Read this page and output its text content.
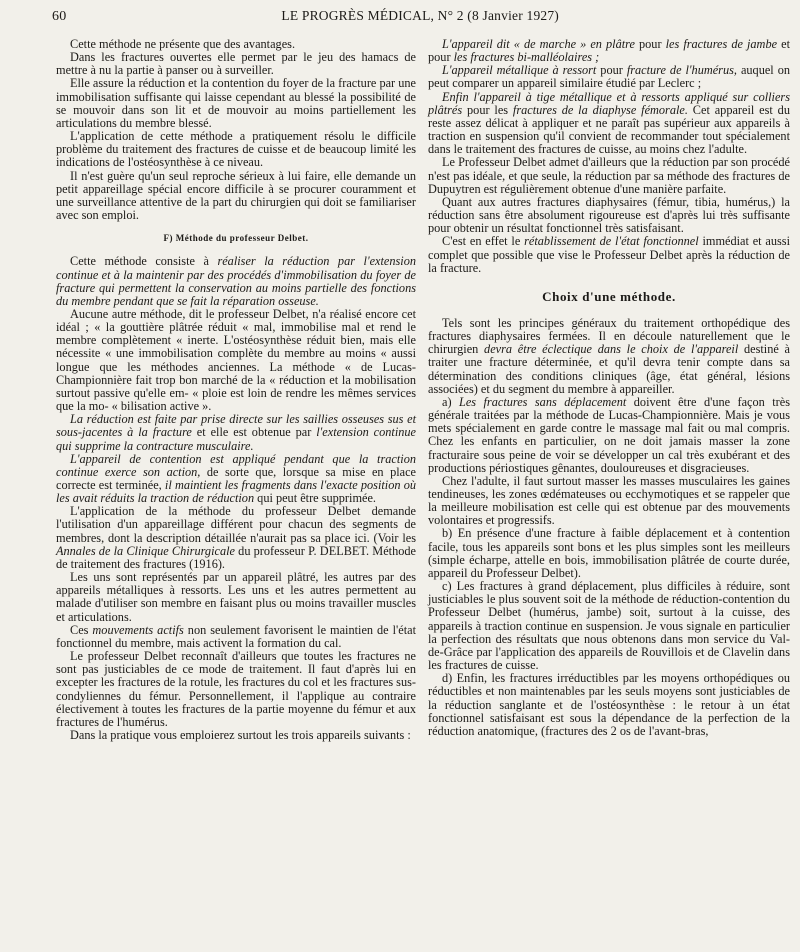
60	LE PROGRÈS MÉDICAL, N° 2 (8 Janvier 1927)

Cette méthode ne présente que des avantages.

Dans les fractures ouvertes elle permet par le jeu des hamacs de mettre à nu la partie à panser ou à surveiller.

Elle assure la réduction et la contention du foyer de la fracture par une immobilisation suffisante qui laisse cependant au blessé la possibilité de se mouvoir dans son lit et de mouvoir au moins partiellement les articulations du membre blessé.

L'application de cette méthode a pratiquement résolu le difficile problème du traitement des fractures de cuisse et de beaucoup limité les indications de l'ostéosynthèse à ce niveau.

Il n'est guère qu'un seul reproche sérieux à lui faire, elle demande un petit appareillage spécial encore difficile à se procurer couramment et une surveillance attentive de la part du chirurgien qui doit se familiariser avec son emploi.

F) Méthode du professeur Delbet.

Cette méthode consiste à réaliser la réduction par l'extension continue et à la maintenir par des procédés d'immobilisation du foyer de fracture qui permettent la conservation au moins partielle des fonctions du membre pendant que se fait la réparation osseuse.

Aucune autre méthode, dit le professeur Delbet, n'a réalisé encore cet idéal ; « la gouttière plâtrée réduit « mal, immobilise mal et rend le membre complètement « inerte. L'ostéosynthèse réduit bien, mais elle nécessite « une immobilisation complète du membre au moins « aussi longue que les méthodes anciennes. La méthode « de Lucas-Championnière fait trop bon marché de la « réduction et la mobilisation surtout passive qu'elle em- « ploie est loin de rendre les mêmes services que la mo- « bilisation active ».

La réduction est faite par prise directe sur les saillies osseuses sus et sous-jacentes à la fracture et elle est obtenue par l'extension continue qui supprime la contracture musculaire.

L'appareil de contention est appliqué pendant que la traction continue exerce son action, de sorte que, lorsque sa mise en place correcte est terminée, il maintient les fragments dans l'exacte position où les avait réduits la traction de réduction qui peut être supprimée.

L'application de la méthode du professeur Delbet demande l'utilisation d'un appareillage différent pour chacun des segments de membres, dont la description détaillée n'aurait pas sa place ici. (Voir les Annales de la Clinique Chirurgicale du professeur P. DELBET. Méthode de traitement des fractures (1916).

Les uns sont représentés par un appareil plâtré, les autres par des appareils métalliques à ressorts. Les uns et les autres permettent au malade d'utiliser son membre en faisant plus ou moins travailler muscles et articulations.

Ces mouvements actifs non seulement favorisent le maintien de l'état fonctionnel du membre, mais activent la formation du cal.

Le professeur Delbet reconnaît d'ailleurs que toutes les fractures ne sont pas justiciables de ce mode de traitement. Il faut d'après lui en excepter les fractures de la rotule, les fractures du col et les fractures sus-condyliennes du fémur. Personnellement, il l'applique au contraire électivement à toutes les fractures de la partie moyenne du fémur et aux fractures de l'humérus.

Dans la pratique vous emploierez surtout les trois appareils suivants :

L'appareil dit « de marche » en plâtre pour les fractures de jambe et pour les fractures bi-malléolaires ;

L'appareil métallique à ressort pour fracture de l'humérus, auquel on peut comparer un appareil similaire étudié par Leclerc ;

Enfin l'appareil à tige métallique et à ressorts appliqué sur colliers plâtrés pour les fractures de la diaphyse fémorale. Cet appareil est du reste assez délicat à appliquer et ne paraît pas supérieur aux appareils à traction en suspension qu'il convient de recommander tout spécialement dans le traitement des fractures de cuisse, au moins chez l'adulte.

Le Professeur Delbet admet d'ailleurs que la réduction par son procédé n'est pas idéale, et que seule, la réduction par sa méthode des fractures de Dupuytren est régulièrement obtenue d'une manière parfaite.

Quant aux autres fractures diaphysaires (fémur, tibia, humérus,) la réduction sans être absolument rigoureuse est d'après lui très suffisante pour obtenir un résultat fonctionnel très satisfaisant.

C'est en effet le rétablissement de l'état fonctionnel immédiat et aussi complet que possible que vise le Professeur Delbet après la réduction de la fracture.

Choix d'une méthode.

Tels sont les principes généraux du traitement orthopédique des fractures diaphysaires fermées. Il en découle naturellement que le chirurgien devra être éclectique dans le choix de l'appareil destiné à traiter une fracture déterminée, et qu'il devra tenir compte dans sa détermination des conditions cliniques (âge, état général, lésions associées) et du segment du membre à appareiller.

a) Les fractures sans déplacement doivent être d'une façon très générale traitées par la méthode de Lucas-Championnière. Mais je vous mets spécialement en garde contre le massage mal fait ou mal compris. Chez les enfants en particulier, on ne doit jamais masser la zone fracturaire sous peine de voir se développer un cal très exubérant et des productions périostiques gênantes, douloureuses et disgracieuses.

Chez l'adulte, il faut surtout masser les masses musculaires les gaines tendineuses, les zones œdémateuses ou ecchymotiques et se rappeler que la meilleure mobilisation est celle qui est obtenue par des mouvements volontaires et progressifs.

b) En présence d'une fracture à faible déplacement et à contention facile, tous les appareils sont bons et les plus simples sont les meilleurs (simple écharpe, attelle en bois, immobilisation plâtrée de courte durée, appareil du Professeur Delbet).

c) Les fractures à grand déplacement, plus difficiles à réduire, sont justiciables le plus souvent soit de la méthode de réduction-contention du Professeur Delbet (humérus, jambe) soit, surtout à la cuisse, des appareils à traction continue en suspension. Je vous signale en particulier la perfection des résultats que nous obtenons dans mon service du Val-de-Grâce par l'application des appareils de Rouvillois et de Clavelin dans les fractures de cuisse.

d) Enfin, les fractures irréductibles par les moyens orthopédiques ou réductibles et non maintenables par les seuls moyens sont justiciables de la réduction sanglante et de l'ostéosynthèse : le retour à un état fonctionnel satisfaisant est sous la dépendance de la perfection de la réduction anatomique, (fractures des 2 os de l'avant-bras,
